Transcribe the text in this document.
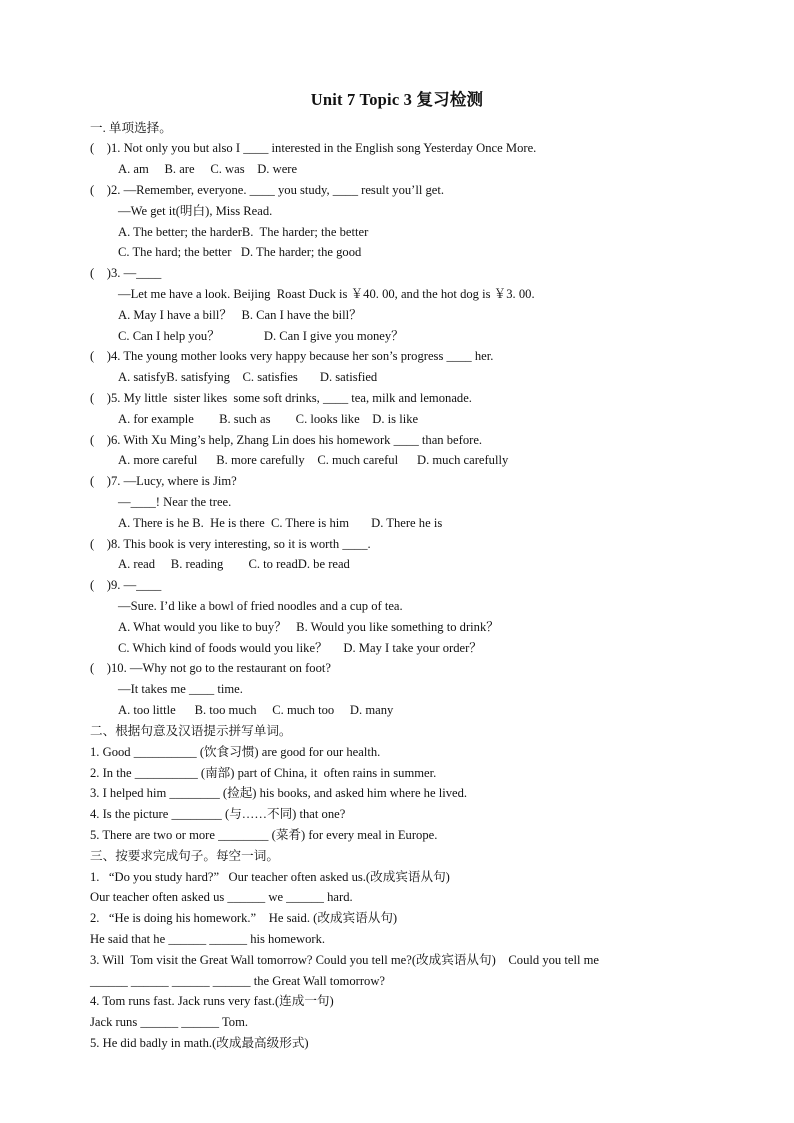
Unit 7 Topic 3 复习检测
一. 单项选择。
(    )1. Not only you but also I ____ interested in the English song Yesterday Once More.
A. am     B. are     C. was    D. were
(    )2. —Remember, everyone. ____ you study, ____ result you’ll get.
—We get it(明白), Miss Read.
A. The better; the harderB.  The harder; the better
C. The hard; the better   D. The harder; the good
(    )3. —____
—Let me have a look. Beijing  Roast Duck is ￥40. 00, and the hot dog is ￥3. 00.
A. May I have a bill？   B. Can I have the bill？
C. Can I help you？              D. Can I give you money？
(    )4. The young mother looks very happy because her son’s progress ____ her.
A. satisfyB. satisfying    C. satisfies       D. satisfied
(    )5. My little  sister likes  some soft drinks, ____ tea, milk and lemonade.
A. for example        B. such as        C. looks like    D. is like
(    )6. With Xu Ming’s help, Zhang Lin does his homework ____ than before.
A. more careful      B. more carefully    C. much careful      D. much carefully
(    )7. —Lucy, where is Jim?
—____! Near the tree.
A. There is he B.  He is there  C. There is him       D. There he is
(    )8. This book is very interesting, so it is worth ____.
A. read     B. reading        C. to readD. be read
(    )9. —____
—Sure. I’d like a bowl of fried noodles and a cup of tea.
A. What would you like to buy？   B. Would you like something to drink？
C. Which kind of foods would you like？     D. May I take your order？
(    )10. —Why not go to the restaurant on foot?
—It takes me ____ time.
A. too little      B. too much     C. much too     D. many
二、根据句意及汉语提示拼写单词。
1. Good __________ (饮食习惯) are good for our health.
2. In the __________ (南部) part of China, it  often rains in summer.
3. I helped him ________ (捡起) his books, and asked him where he lived.
4. Is the picture ________ (与……不同) that one?
5. There are two or more ________ (菜肴) for every meal in Europe.
三、按要求完成句子。每空一词。
1.   “Do you study hard?”   Our teacher often asked us.(改成宾语从句)
Our teacher often asked us ______ we ______ hard.
2.   “He is doing his homework.”    He said. (改成宾语从句)
He said that he ______ ______ his homework.
3. Will  Tom visit the Great Wall tomorrow? Could you tell me?(改成宾语从句)    Could you tell me
______ ______ ______ ______ the Great Wall tomorrow?
4. Tom runs fast. Jack runs very fast.(连成一句)
Jack runs ______ ______ Tom.
5. He did badly in math.(改成最高级形式)
